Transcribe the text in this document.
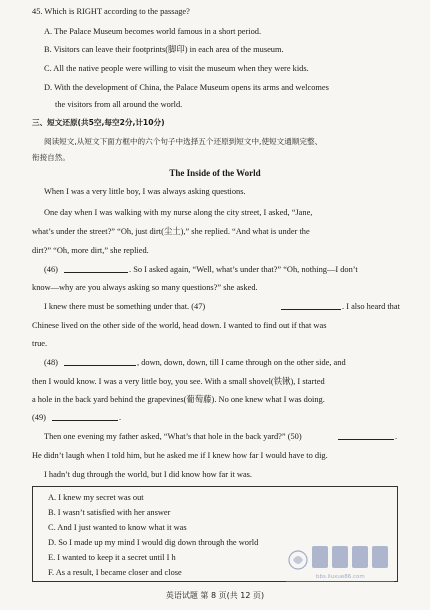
45. Which is RIGHT according to the passage?
A. The Palace Museum becomes world famous in a short period.
B. Visitors can leave their footprints(脚印) in each area of the museum.
C. All the native people were willing to visit the museum when they were kids.
D. With the development of China, the Palace Museum opens its arms and welcomes
the visitors from all around the world.
三、短文还原(共5空,每空2分,计10分)
阅读短文,从短文下面方框中的六个句子中选择五个还原到短文中,使短文通顺完整、
衔接自然。
The Inside of the World
When I was a very little boy, I was always asking questions.
One day when I was walking with my nurse along the city street, I asked, “Jane,
what’s under the street?” “Oh, just dirt(尘土),” she replied. “And what is under the
dirt?” “Oh, more dirt,” she replied.
(46)	. So I asked again, “Well, what’s under that?” “Oh, nothing—I don’t
know—why are you always asking so many questions?” she asked.
I knew there must be something under that. (47)	. I also heard that
Chinese lived on the other side of the world, head down. I wanted to find out if that was
true.
(48)	, down, down, down, till I came through on the other side, and
then I would know. I was a very little boy, you see. With a small shovel(铁锹), I started
a hole in the back yard behind the grapevines(葡萄藤). No one knew what I was doing.
(49)	.
Then one evening my father asked, “What’s that hole in the back yard?” (50)	.
He didn’t laugh when I told him, but he asked me if I knew how far I would have to dig.
I hadn’t dug through the world, but I did know how far it was.
A. I knew my secret was out
B. I wasn’t satisfied with her answer
C. And I just wanted to know what it was
D. So I made up my mind I would dig down through the world
E. I wanted to keep it a secret until I h
F. As a result, I became closer and close	bbs.liuxue86.com
英语试题 第 8 页(共 12 页)
